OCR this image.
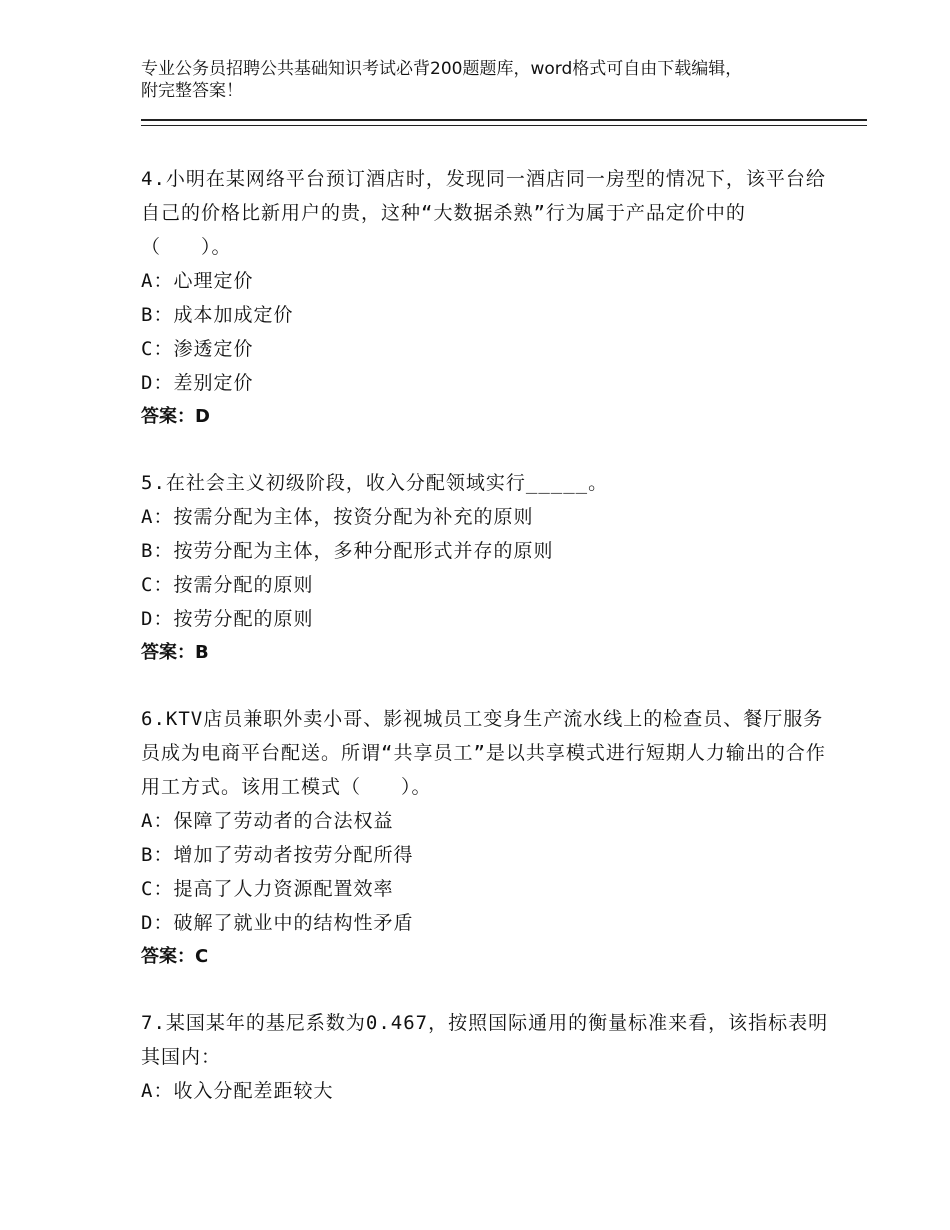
专业公务员招聘公共基础知识考试必背200题题库，word格式可自由下载编辑，
附完整答案！
4.小明在某网络平台预订酒店时，发现同一酒店同一房型的情况下，该平台给自己的价格比新用户的贵，这种“大数据杀熟”行为属于产品定价中的（　　）。
A：心理定价
B：成本加成定价
C：渗透定价
D：差别定价
答案：D
5.在社会主义初级阶段，收入分配领域实行_____。
A：按需分配为主体，按资分配为补充的原则
B：按劳分配为主体，多种分配形式并存的原则
C：按需分配的原则
D：按劳分配的原则
答案：B
6.KTV店员兼职外卖小哥、影视城员工变身生产流水线上的检查员、餐厅服务员成为电商平台配送。所谓“共享员工”是以共享模式进行短期人力输出的合作用工方式。该用工模式（　　）。
A：保障了劳动者的合法权益
B：增加了劳动者按劳分配所得
C：提高了人力资源配置效率
D：破解了就业中的结构性矛盾
答案：C
7.某国某年的基尼系数为0.467，按照国际通用的衡量标准来看，该指标表明其国内：
A：收入分配差距较大
